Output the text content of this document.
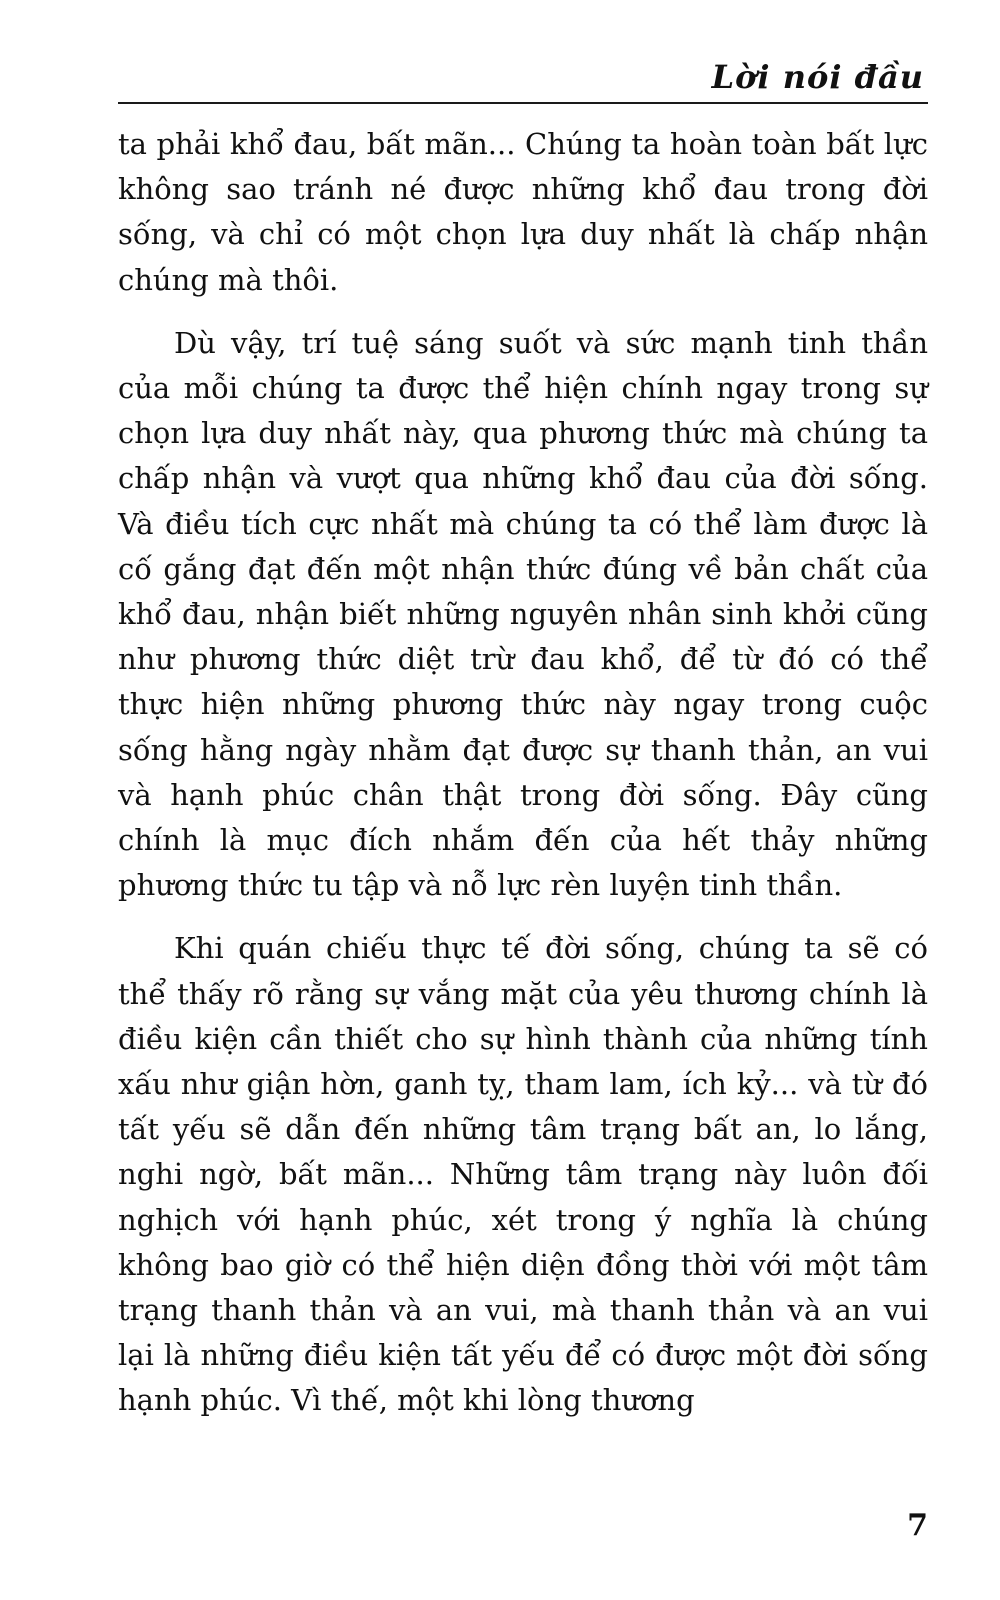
Lời nói đầu

ta phải khổ đau, bất mãn... Chúng ta hoàn toàn bất lực không sao tránh né được những khổ đau trong đời sống, và chỉ có một chọn lựa duy nhất là chấp nhận chúng mà thôi.

Dù vậy, trí tuệ sáng suốt và sức mạnh tinh thần của mỗi chúng ta được thể hiện chính ngay trong sự chọn lựa duy nhất này, qua phương thức mà chúng ta chấp nhận và vượt qua những khổ đau của đời sống. Và điều tích cực nhất mà chúng ta có thể làm được là cố gắng đạt đến một nhận thức đúng về bản chất của khổ đau, nhận biết những nguyên nhân sinh khởi cũng như phương thức diệt trừ đau khổ, để từ đó có thể thực hiện những phương thức này ngay trong cuộc sống hằng ngày nhằm đạt được sự thanh thản, an vui và hạnh phúc chân thật trong đời sống. Đây cũng chính là mục đích nhắm đến của hết thảy những phương thức tu tập và nỗ lực rèn luyện tinh thần.

Khi quán chiếu thực tế đời sống, chúng ta sẽ có thể thấy rõ rằng sự vắng mặt của yêu thương chính là điều kiện cần thiết cho sự hình thành của những tính xấu như giận hờn, ganh tỵ, tham lam, ích kỷ... và từ đó tất yếu sẽ dẫn đến những tâm trạng bất an, lo lắng, nghi ngờ, bất mãn... Những tâm trạng này luôn đối nghịch với hạnh phúc, xét trong ý nghĩa là chúng không bao giờ có thể hiện diện đồng thời với một tâm trạng thanh thản và an vui, mà thanh thản và an vui lại là những điều kiện tất yếu để có được một đời sống hạnh phúc. Vì thế, một khi lòng thương

7
